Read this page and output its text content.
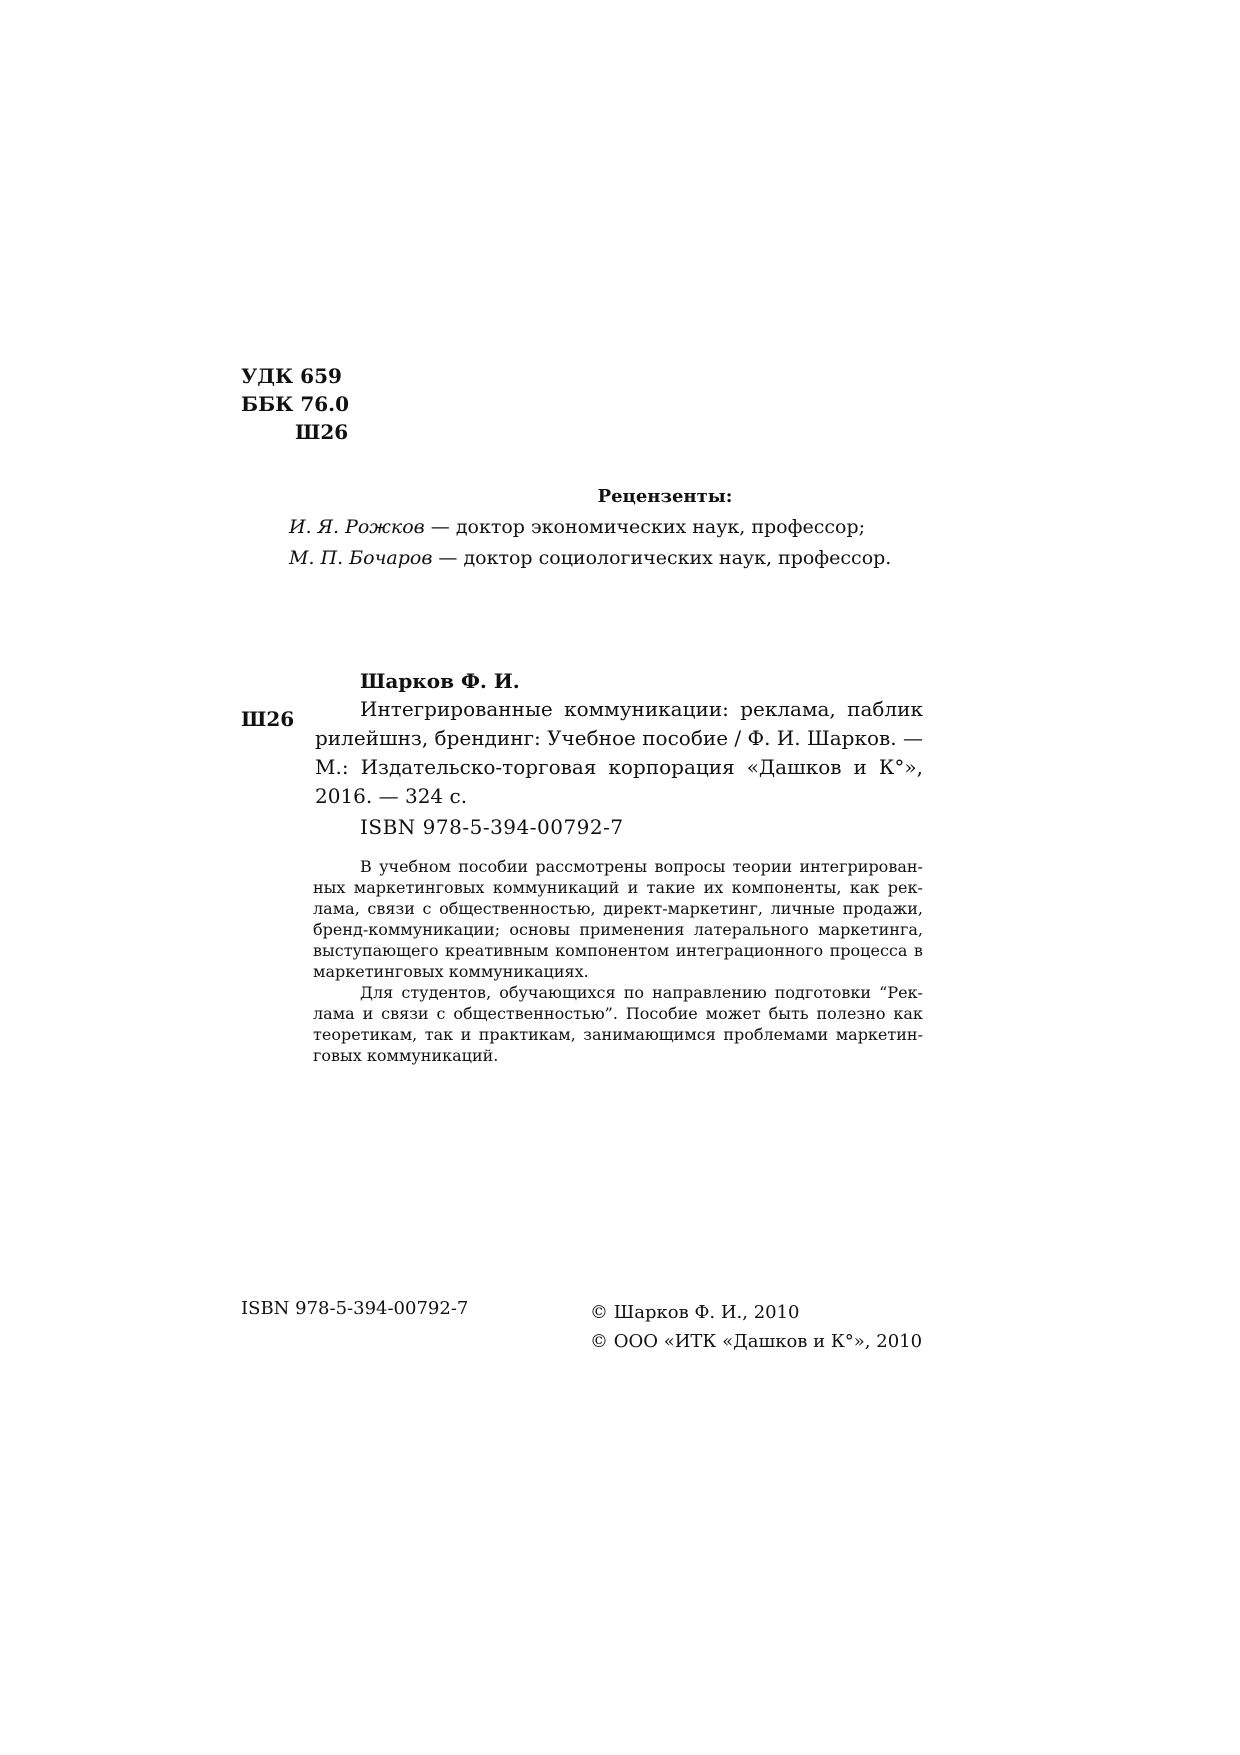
УДК 659
ББК 76.0
Ш26
Рецензенты:
И. Я. Рожков — доктор экономических наук, профессор;
М. П. Бочаров — доктор социологических наук, профессор.
Шарков Ф. И.
Ш26	Интегрированные коммуникации: реклама, паблик
рилейшнз, брендинг: Учебное пособие / Ф. И. Шарков. —
М.: Издательско-торговая корпорация «Дашков и К°»,
2016. — 324 с.
ISBN 978-5-394-00792-7
В учебном пособии рассмотрены вопросы теории интегрирован-
ных маркетинговых коммуникаций и такие их компоненты, как рек-
лама, связи с общественностью, директ-маркетинг, личные продажи,
бренд-коммуникации; основы применения латерального маркетинга,
выступающего креативным компонентом интеграционного процесса в
маркетинговых коммуникациях.
Для студентов, обучающихся по направлению подготовки “Рек-
лама и связи с общественностью”. Пособие может быть полезно как
теоретикам, так и практикам, занимающимся проблемами маркетин-
говых коммуникаций.
ISBN 978-5-394-00792-7	© Шарков Ф. И., 2010
© ООО «ИТК «Дашков и К°», 2010
